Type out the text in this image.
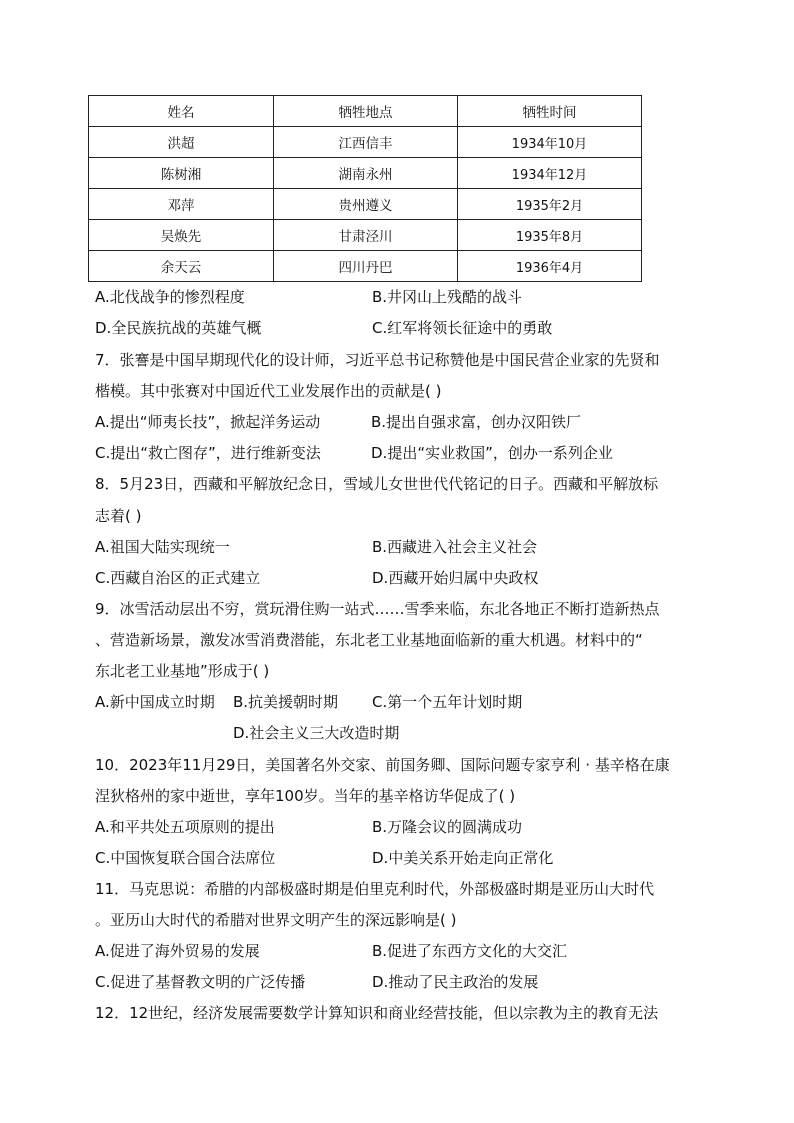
姓名	牺牲地点	牺牲时间
洪超	江西信丰	1934年10月
陈树湘	湖南永州	1934年12月
邓萍	贵州遵义	1935年2月
吴焕先	甘肃泾川	1935年8月
余天云	四川丹巴	1936年4月
A.北伐战争的惨烈程度	B.井冈山上残酷的战斗
D.全民族抗战的英雄气概	C.红军将领长征途中的勇敢
7．张謇是中国早期现代化的设计师，习近平总书记称赞他是中国民营企业家的先贤和
楷模。其中张赛对中国近代工业发展作出的贡献是( )
A.提出“师夷长技”，掀起洋务运动	B.提出自强求富，创办汉阳铁厂
C.提出“救亡图存”，进行维新变法	D.提出“实业救国”，创办一系列企业
8．5月23日，西藏和平解放纪念日，雪域儿女世世代代铭记的日子。西藏和平解放标
志着( )
A.祖国大陆实现统一	B.西藏进入社会主义社会
C.西藏自治区的正式建立	D.西藏开始归属中央政权
9．冰雪活动层出不穷，赏玩滑住购一站式……雪季来临，东北各地正不断打造新热点
、营造新场景，激发冰雪消费潜能，东北老工业基地面临新的重大机遇。材料中的“
东北老工业基地”形成于( )
A.新中国成立时期 B.抗美援朝时期 C.第一个五年计划时期
D.社会主义三大改造时期
10．2023年11月29日，美国著名外交家、前国务卿、国际问题专家亨利 · 基辛格在康
涅狄格州的家中逝世，享年100岁。当年的基辛格访华促成了( )
A.和平共处五项原则的提出	B.万隆会议的圆满成功
C.中国恢复联合国合法席位	D.中美关系开始走向正常化
11．马克思说：希腊的内部极盛时期是伯里克利时代，外部极盛时期是亚历山大时代
。亚历山大时代的希腊对世界文明产生的深远影响是( )
A.促进了海外贸易的发展	B.促进了东西方文化的大交汇
C.促进了基督教文明的广泛传播	D.推动了民主政治的发展
12．12世纪，经济发展需要数学计算知识和商业经营技能，但以宗教为主的教育无法
